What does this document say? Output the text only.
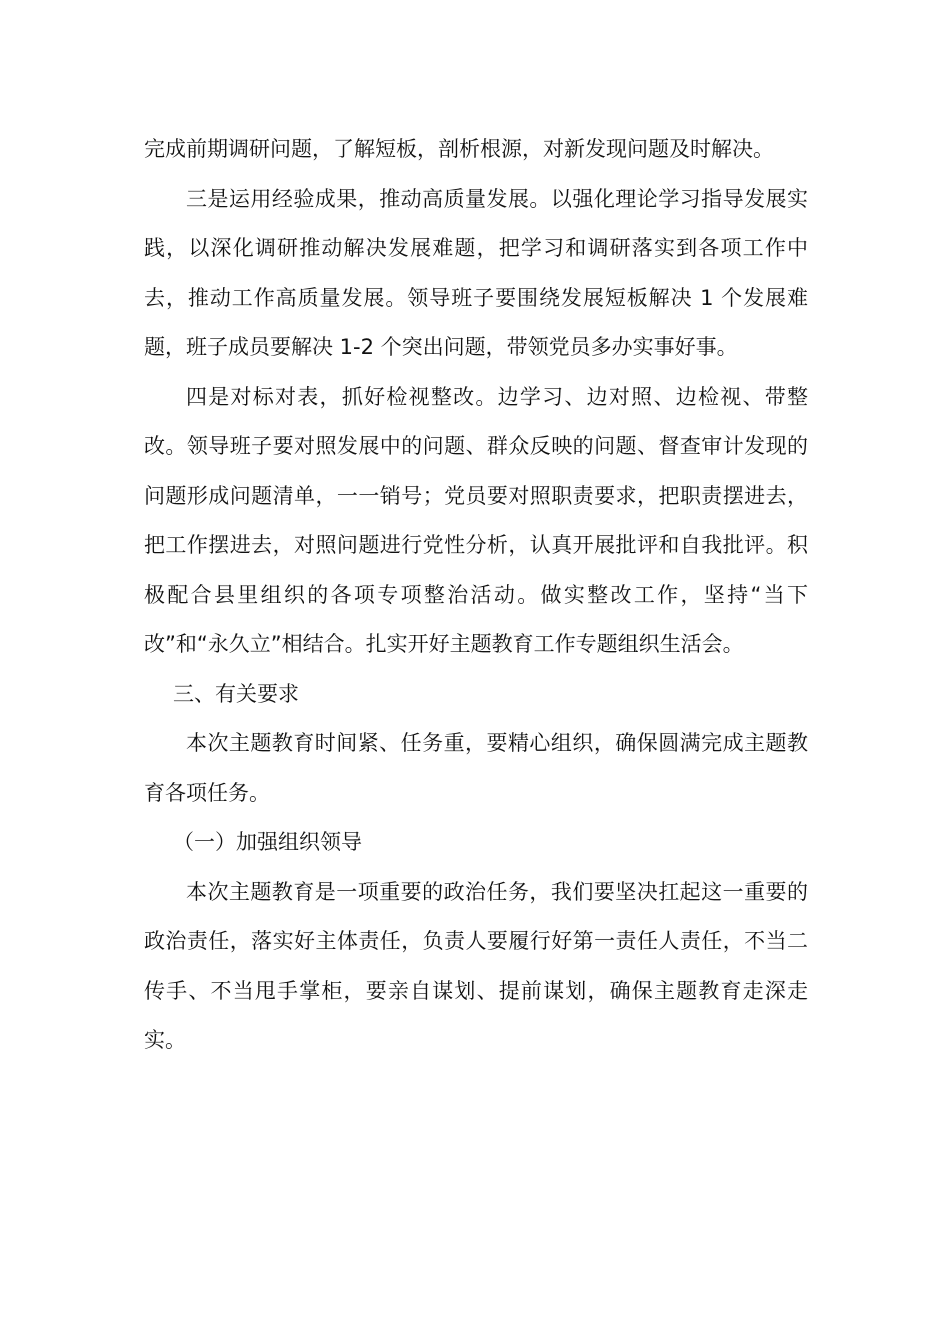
完成前期调研问题，了解短板，剖析根源，对新发现问题及时解决。

三是运用经验成果，推动高质量发展。以强化理论学习指导发展实践，以深化调研推动解决发展难题，把学习和调研落实到各项工作中去，推动工作高质量发展。领导班子要围绕发展短板解决 1 个发展难题，班子成员要解决 1-2 个突出问题，带领党员多办实事好事。

四是对标对表，抓好检视整改。边学习、边对照、边检视、带整改。领导班子要对照发展中的问题、群众反映的问题、督查审计发现的问题形成问题清单，一一销号；党员要对照职责要求，把职责摆进去，把工作摆进去，对照问题进行党性分析，认真开展批评和自我批评。积极配合县里组织的各项专项整治活动。做实整改工作，坚持“当下改”和“永久立”相结合。扎实开好主题教育工作专题组织生活会。

三、有关要求

本次主题教育时间紧、任务重，要精心组织，确保圆满完成主题教育各项任务。

（一）加强组织领导

本次主题教育是一项重要的政治任务，我们要坚决扛起这一重要的政治责任，落实好主体责任，负责人要履行好第一责任人责任，不当二传手、不当甩手掌柜，要亲自谋划、提前谋划，确保主题教育走深走实。
